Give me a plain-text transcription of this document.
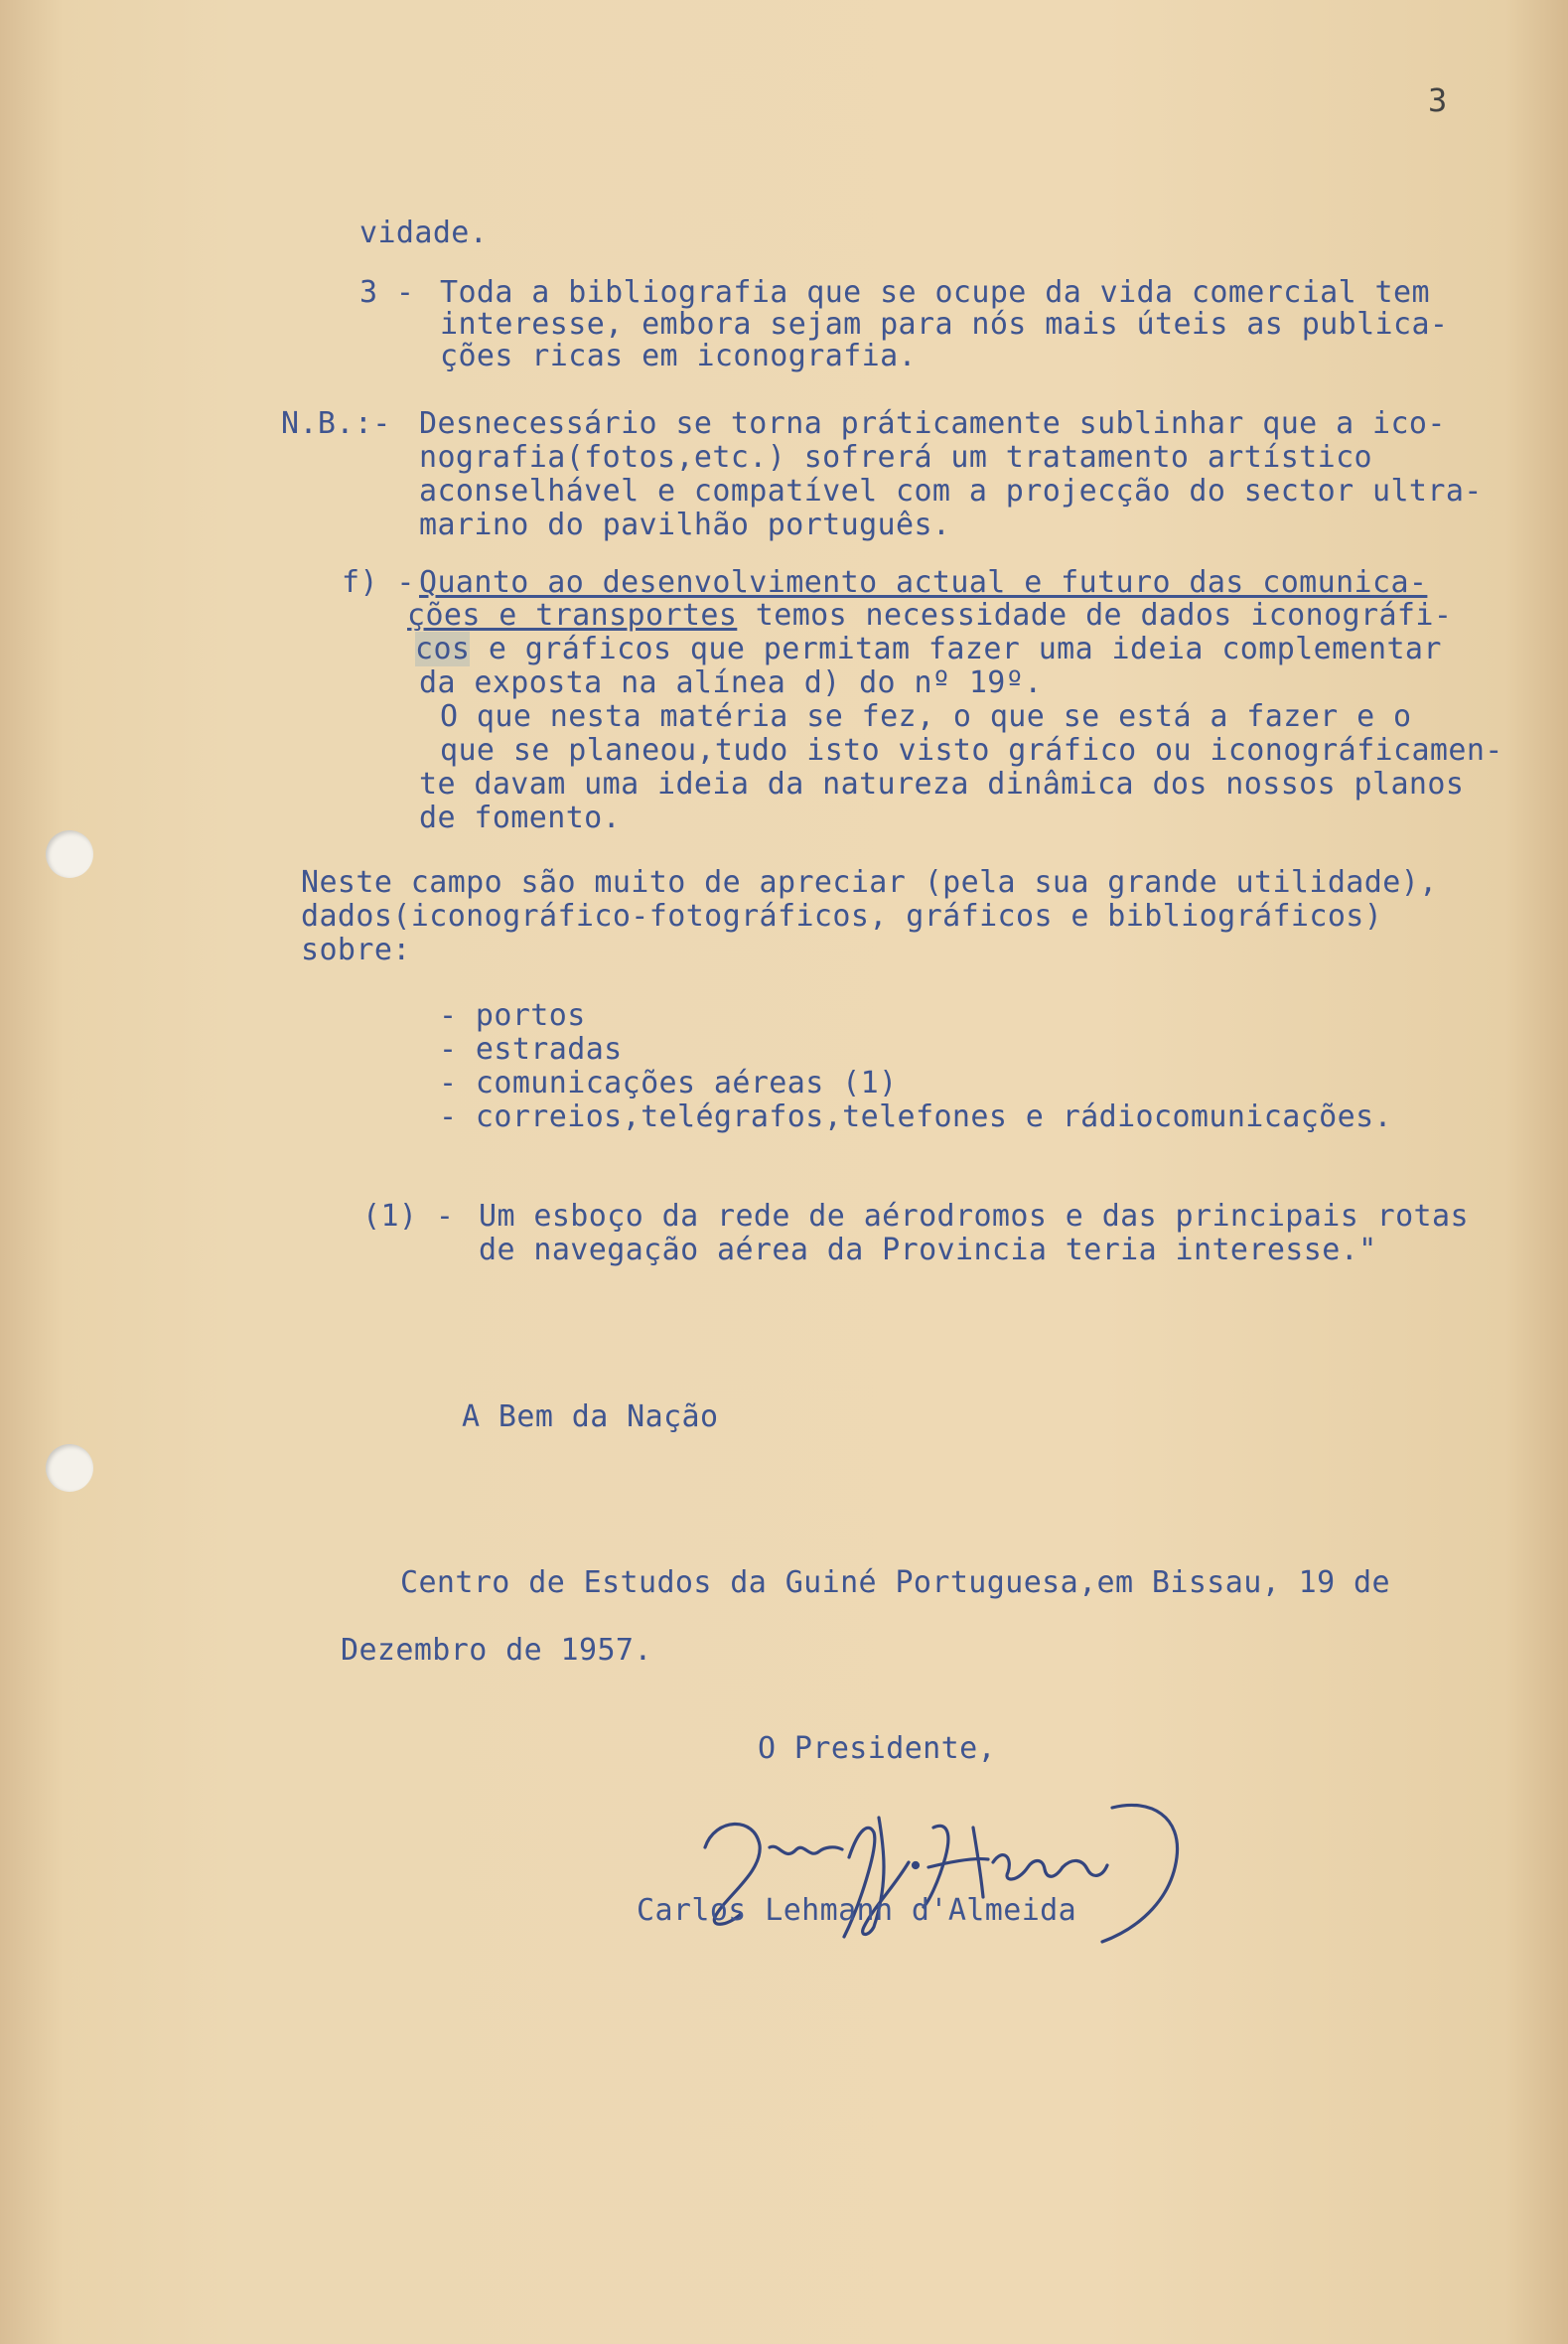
3
vidade.
3 - Toda a bibliografia que se ocupe da vida comercial tem
interesse, embora sejam para nós mais úteis as publica-
ções ricas em iconografia.
N.B.:- Desnecessário se torna práticamente sublinhar que a ico-
nografia(fotos,etc.) sofrerá um tratamento artístico
aconselhável e compatível com a projecção do sector ultra-
marino do pavilhão português.
f) - Quanto ao desenvolvimento actual e futuro das comunica-
ções e transportes temos necessidade de dados iconográfi-
cos e gráficos que permitam fazer uma ideia complementar
da exposta na alínea d) do nº 19º.
O que nesta matéria se fez, o que se está a fazer e o
que se planeou,tudo isto visto gráfico ou iconográficamen-
te davam uma ideia da natureza dinâmica dos nossos planos
de fomento.
Neste campo são muito de apreciar (pela sua grande utilidade),
dados(iconográfico-fotográficos, gráficos e bibliográficos)
sobre:
- portos
- estradas
- comunicações aéreas (1)
- correios,telégrafos,telefones e rádiocomunicações.
(1) - Um esboço da rede de aérodromos e das principais rotas
de navegação aérea da Provincia teria interesse."
A Bem da Nação
Centro de Estudos da Guiné Portuguesa,em Bissau, 19 de
Dezembro de 1957.
O Presidente,
Carlos Lehmann d'Almeida
